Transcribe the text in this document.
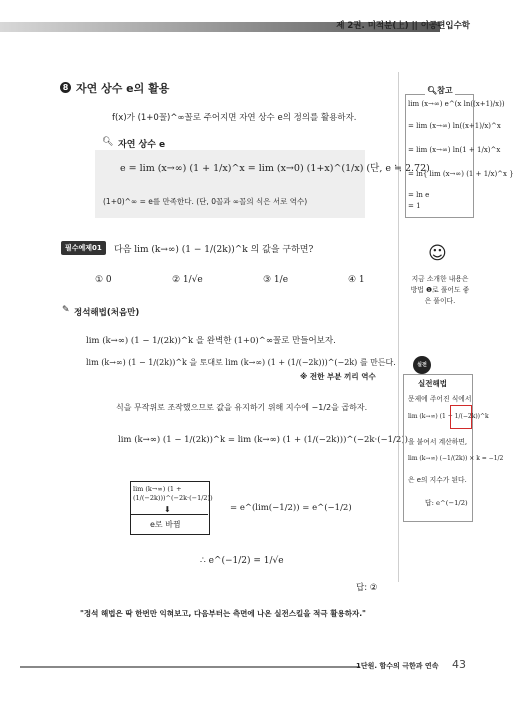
제 2권. 미적분(上) || 이공편입수학
8 자연 상수 e의 활용
f(x)가 (1+0꼴)^∞꼴로 주어지면 자연 상수 e의 정의를 활용하자.
🔍︎ 자연 상수 e
e = lim (x→∞) (1 + 1/x)^x = lim (x→0) (1+x)^(1/x) (단, e ≒ 2.72)
(1+0)^∞ = e를 만족한다. (단, 0꼴과 ∞꼴의 식은 서로 역수)
필수예제01	다음 lim (k→∞) (1 − 1/(2k))^k 의 값을 구하면?
① 0	② 1/√e	③ 1/e	④ 1
✎ 정석해법(처음만)
lim (k→∞) (1 − 1/(2k))^k 을 완벽한 (1+0)^∞꼴로 만들어보자.
lim (k→∞) (1 − 1/(2k))^k 을 토대로 lim (k→∞) (1 + (1/(−2k)))^(−2k) 를 만든다.
※ 전한 부분 끼리 역수
식을 무작위로 조작했으므로 값을 유지하기 위해 지수에 −1/2을 곱하자.
lim (k→∞) (1 − 1/(2k))^k = lim (k→∞) (1 + (1/(−2k)))^(−2k·(−1/2))
lim (k→∞) (1 + (1/(−2k)))^(−2k·(−1/2))
⬇
e로 바뀜
= e^(lim(−1/2)) = e^(−1/2)
∴ e^(−1/2) = 1/√e
답: ②
"정석 해법은 딱 한번만 익혀보고, 다음부터는 측면에 나온 실전스킬을 적극 활용하자."
🔍︎참고
lim (x→∞) e^(x ln((x+1)/x))
= lim (x→∞) ln((x+1)/x)^x
= lim (x→∞) ln(1 + 1/x)^x
= ln{ lim (x→∞) (1 + 1/x)^x }
= ln e
= 1
☺
지금 소개한 내용은 방법 ❶로 풀어도 좋은 풀이다.
실전
실전해법
문제에 주어진 식에서
lim (k→∞) (1 + 1/(−2k))^k
을 붙여서 계산하면,
lim (k→∞) (−1/(2k)) × k = −1/2
은 e의 지수가 된다.
답: e^(−1/2)
1단원. 함수의 극한과 연속 43
